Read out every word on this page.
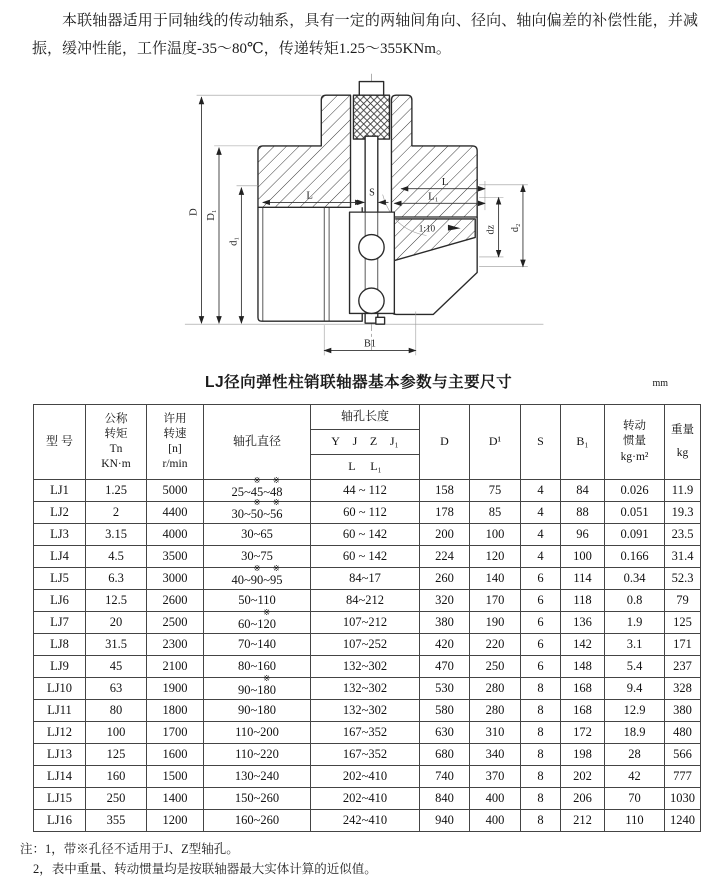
本联轴器适用于同轴线的传动轴系，具有一定的两轴间角向、径向、轴向偏差的补偿性能，并减振，缓冲性能，工作温度-35～80℃，传递转矩1.25～355KNm。

D D₁
d₁
L	S	L₁
L
dz d₂
B1
1:10
LJ径向弹性柱销联轴器基本参数与主要尺寸	mm
型 号	公称
转矩
Tn
KN·m	许用
转速
[n]
r/min	轴孔直径	轴孔长度	D	D¹	S	B₁	转动
惯量
kg·m²	重量
kg

				Y J Z J₁						

				L L₁						

LJ1	1.25	5000	25~45
※
~48
※	44 ~ 112	158	75	4	84	0.026	11.9
LJ2	2	4400	30~50
※
~56
※	60 ~ 112	178	85	4	88	0.051	19.3
LJ3	3.15	4000	30~65	60 ~ 142	200	100	4	96	0.091	23.5
LJ4	4.5	3500	30~75	60 ~ 142	224	120	4	100	0.166	31.4
LJ5	6.3	3000	40~90
※
~95
※	84~17	260	140	6	114	0.34	52.3
LJ6	12.5	2600	50~110	84~212	320	170	6	118	0.8	79
LJ7	20	2500	60~120
※	107~212	380	190	6	136	1.9	125
LJ8	31.5	2300	70~140	107~252	420	220	6	142	3.1	171
LJ9	45	2100	80~160	132~302	470	250	6	148	5.4	237
LJ10	63	1900	90~180
※	132~302	530	280	8	168	9.4	328
LJ11	80	1800	90~180	132~302	580	280	8	168	12.9	380
LJ12	100	1700	110~200	167~352	630	310	8	172	18.9	480
LJ13	125	1600	110~220	167~352	680	340	8	198	28	566
LJ14	160	1500	130~240	202~410	740	370	8	202	42	777
LJ15	250	1400	150~260	202~410	840	400	8	206	70	1030
LJ16	355	1200	160~260	242~410	940	400	8	212	110	1240
注：1，带※孔径不适用于J、Z型轴孔。
2，表中重量、转动惯量均是按联轴器最大实体计算的近似值。
